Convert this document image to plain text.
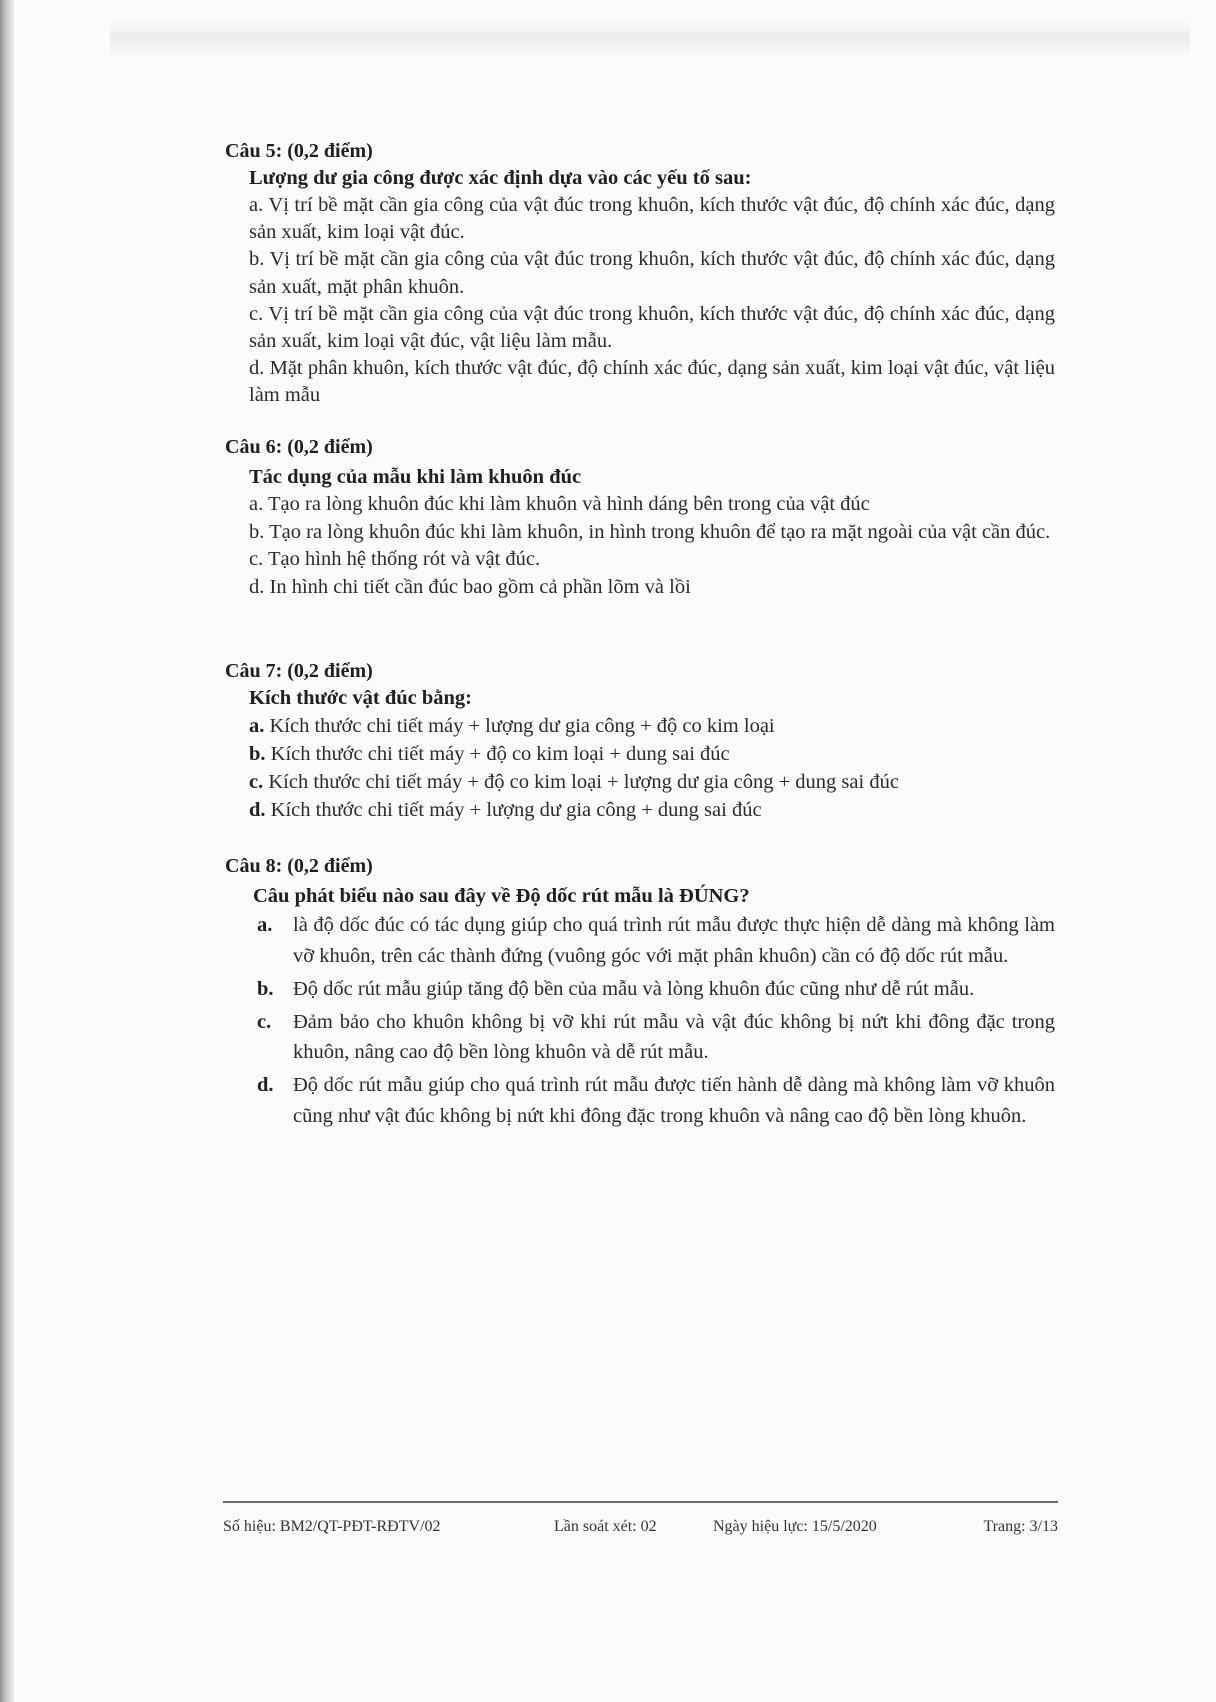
Câu 5: (0,2 điểm)
Lượng dư gia công được xác định dựa vào các yếu tố sau:

a. Vị trí bề mặt cần gia công của vật đúc trong khuôn, kích thước vật đúc, độ chính xác đúc, dạng sản xuất, kim loại vật đúc.

b. Vị trí bề mặt cần gia công của vật đúc trong khuôn, kích thước vật đúc, độ chính xác đúc, dạng sản xuất, mặt phân khuôn.

c. Vị trí bề mặt cần gia công của vật đúc trong khuôn, kích thước vật đúc, độ chính xác đúc, dạng sản xuất, kim loại vật đúc, vật liệu làm mẫu.

d. Mặt phân khuôn, kích thước vật đúc, độ chính xác đúc, dạng sản xuất, kim loại vật đúc, vật liệu làm mẫu

Câu 6: (0,2 điểm)
Tác dụng của mẫu khi làm khuôn đúc

a. Tạo ra lòng khuôn đúc khi làm khuôn và hình dáng bên trong của vật đúc

b. Tạo ra lòng khuôn đúc khi làm khuôn, in hình trong khuôn để tạo ra mặt ngoài của vật cần đúc.

c. Tạo hình hệ thống rót và vật đúc.

d. In hình chi tiết cần đúc bao gồm cả phần lõm và lồi

Câu 7: (0,2 điểm)
Kích thước vật đúc bằng:

a. Kích thước chi tiết máy + lượng dư gia công + độ co kim loại

b. Kích thước chi tiết máy + độ co kim loại + dung sai đúc

c. Kích thước chi tiết máy + độ co kim loại + lượng dư gia công + dung sai đúc

d. Kích thước chi tiết máy + lượng dư gia công + dung sai đúc

Câu 8: (0,2 điểm)
Câu phát biểu nào sau đây về Độ dốc rút mẫu là ĐÚNG?
a.	là độ dốc đúc có tác dụng giúp cho quá trình rút mẫu được thực hiện dễ dàng mà không làm vỡ khuôn, trên các thành đứng (vuông góc với mặt phân khuôn) cần có độ dốc rút mẫu.
b. Độ dốc rút mẫu giúp tăng độ bền của mẫu và lòng khuôn đúc cũng như dễ rút mẫu.
c.	Đảm bảo cho khuôn không bị vỡ khi rút mẫu và vật đúc không bị nứt khi đông đặc trong khuôn, nâng cao độ bền lòng khuôn và dễ rút mẫu.
d. Độ dốc rút mẫu giúp cho quá trình rút mẫu được tiến hành dễ dàng mà không làm vỡ khuôn cũng như vật đúc không bị nứt khi đông đặc trong khuôn và nâng cao độ bền lòng khuôn.
Số hiệu: BM2/QT-PĐT-RĐTV/02	Lần soát xét: 02	Ngày hiệu lực: 15/5/2020	Trang: 3/13
